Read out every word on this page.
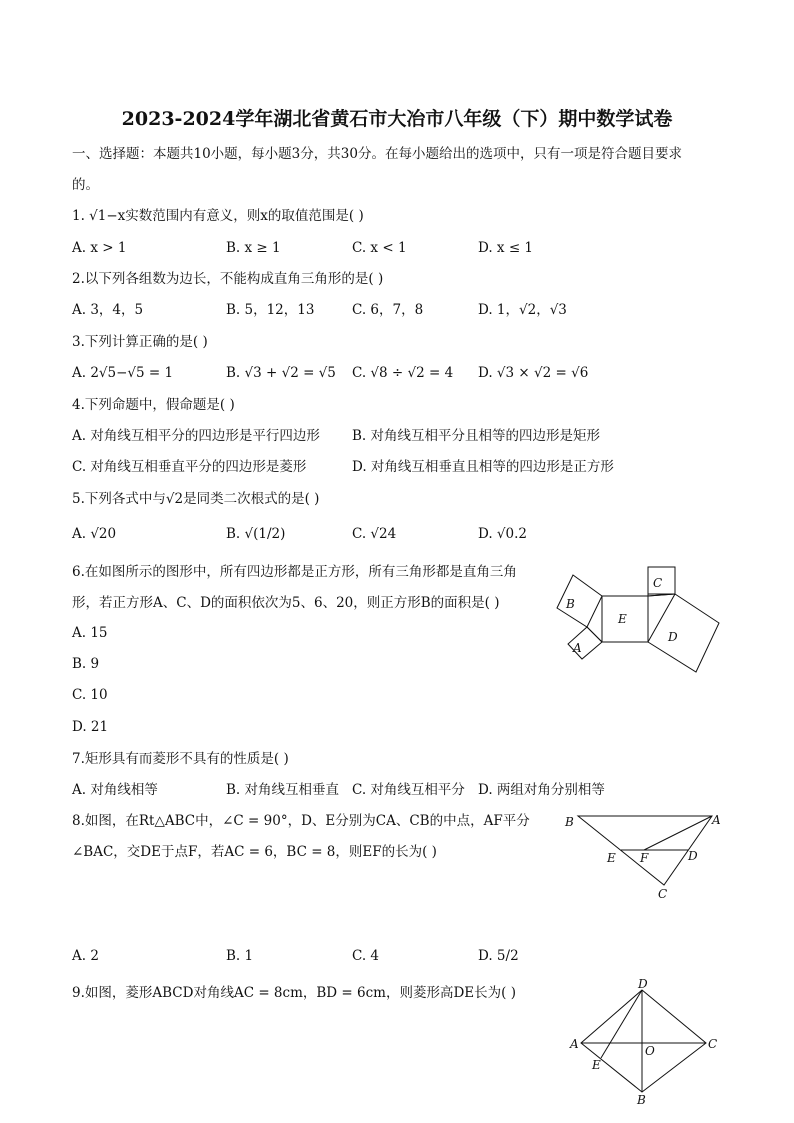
2023-2024学年湖北省黄石市大冶市八年级（下）期中数学试卷
一、选择题：本题共10小题，每小题3分，共30分。在每小题给出的选项中，只有一项是符合题目要求
的。
1. √1−x实数范围内有意义，则x的取值范围是( )
A. x > 1	B. x ≥ 1	C. x < 1	D. x ≤ 1
2.以下列各组数为边长，不能构成直角三角形的是( )
A. 3，4，5	B. 5，12，13	C. 6，7，8	D. 1，√2，√3
3.下列计算正确的是( )
A. 2√5−√5 = 1	B. √3 + √2 = √5 C. √8 ÷ √2 = 4 D. √3 × √2 = √6
4.下列命题中，假命题是( )
A. 对角线互相平分的四边形是平行四边形 B. 对角线互相平分且相等的四边形是矩形
C. 对角线互相垂直平分的四边形是菱形	D. 对角线互相垂直且相等的四边形是正方形
5.下列各式中与√2是同类二次根式的是( )
A. √20	B. √(1/2)	C. √24	D. √0.2
6.在如图所示的图形中，所有四边形都是正方形，所有三角形都是直角三角
形，若正方形A、C、D的面积依次为5、6、20，则正方形B的面积是( )
A. 15
B. 9
C. 10
D. 21
B
C
E
D
A
7.矩形具有而菱形不具有的性质是( )
A. 对角线相等	B. 对角线互相垂直 C. 对角线互相平分 D. 两组对角分别相等
8.如图，在Rt△ABC中，∠C = 90°，D、E分别为CA、CB的中点，AF平分
∠BAC，交DE于点F，若AC = 6，BC = 8，则EF的长为( )
B	A
E F	D
C
A. 2	B. 1	C. 4	D. 5/2
9.如图，菱形ABCD对角线AC = 8cm，BD = 6cm，则菱形高DE长为( )
D
A	O	C
E
B
